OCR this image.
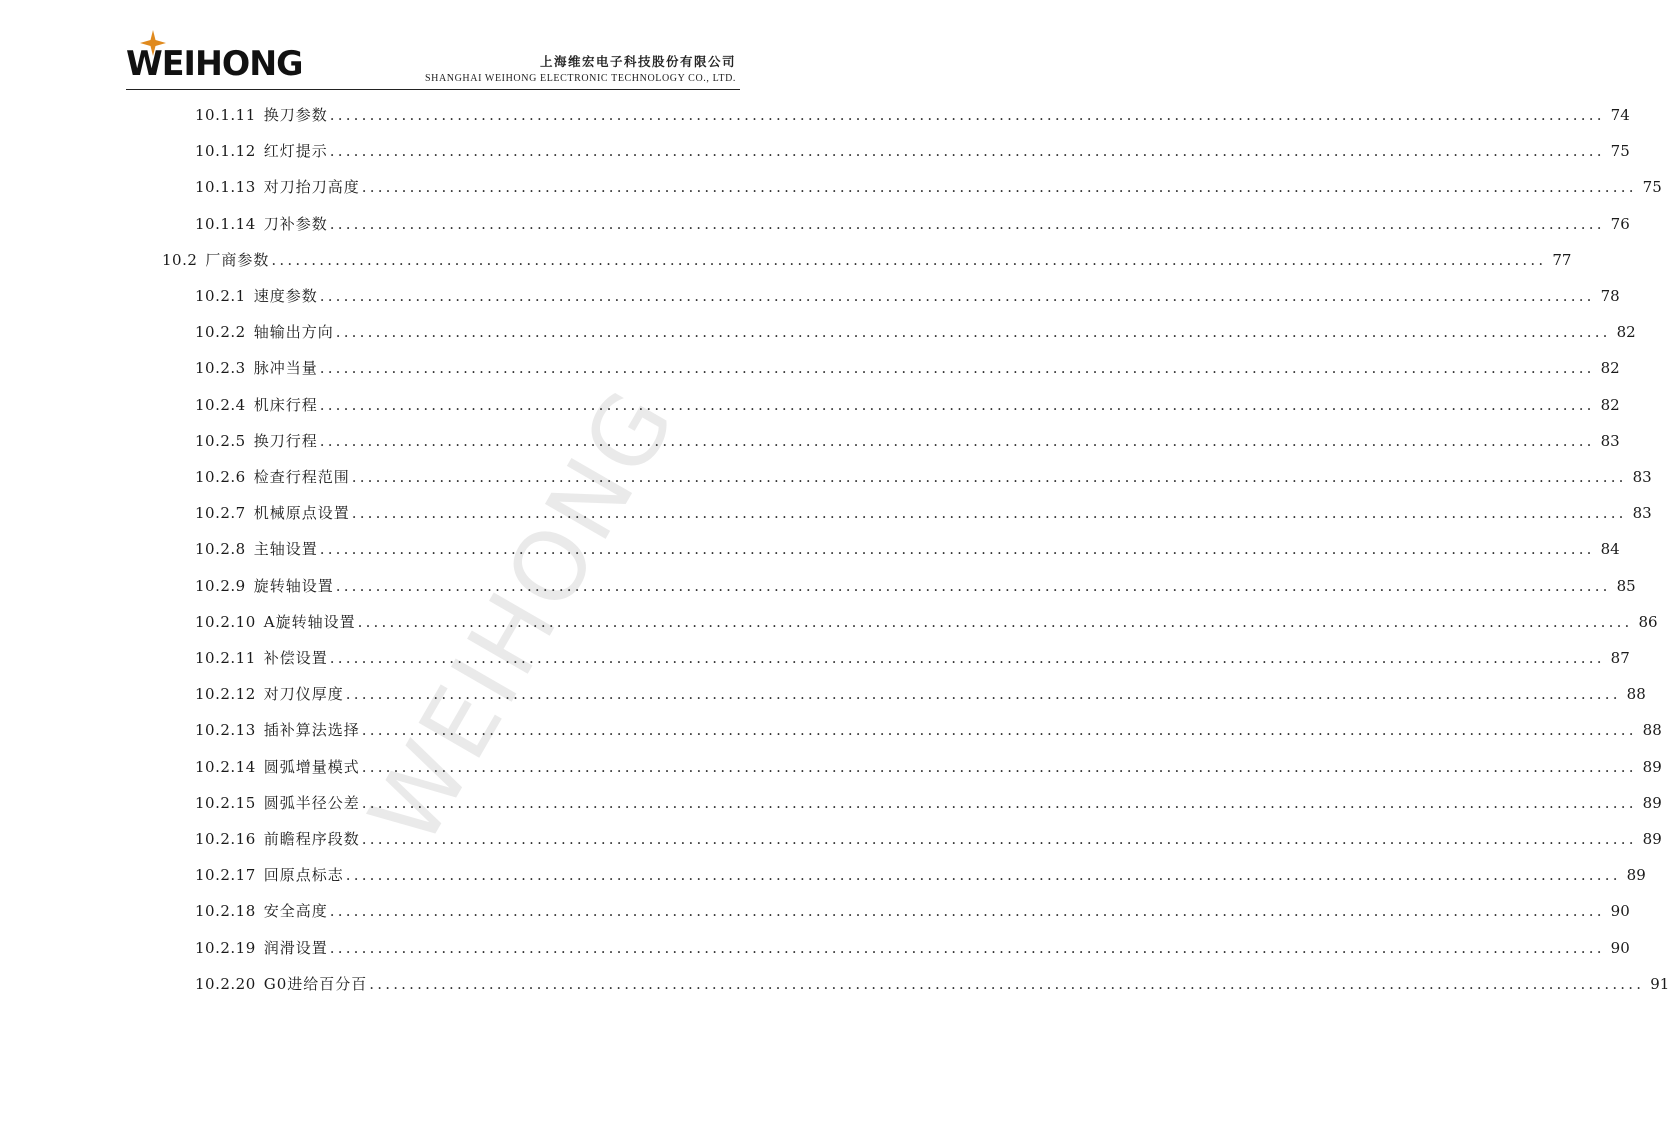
WEIHONG	上海维宏电子科技股份有限公司
SHANGHAI WEIHONG ELECTRONIC TECHNOLOGY CO., LTD.
WEIHONG
10.1.11 换刀参数 ................................................................................................................................................................ 74
10.1.12 红灯提示 ................................................................................................................................................................ 75
10.1.13 对刀抬刀高度 ................................................................................................................................................................ 75
10.1.14 刀补参数 ................................................................................................................................................................ 76
10.2 厂商参数 ................................................................................................................................................................ 77
10.2.1 速度参数 ................................................................................................................................................................ 78
10.2.2 轴输出方向 ................................................................................................................................................................ 82
10.2.3 脉冲当量 ................................................................................................................................................................ 82
10.2.4 机床行程 ................................................................................................................................................................ 82
10.2.5 换刀行程 ................................................................................................................................................................ 83
10.2.6 检查行程范围 ................................................................................................................................................................ 83
10.2.7 机械原点设置 ................................................................................................................................................................ 83
10.2.8 主轴设置 ................................................................................................................................................................ 84
10.2.9 旋转轴设置 ................................................................................................................................................................ 85
10.2.10 A旋转轴设置 ................................................................................................................................................................ 86
10.2.11 补偿设置 ................................................................................................................................................................ 87
10.2.12 对刀仪厚度 ................................................................................................................................................................ 88
10.2.13 插补算法选择 ................................................................................................................................................................ 88
10.2.14 圆弧增量模式 ................................................................................................................................................................ 89
10.2.15 圆弧半径公差 ................................................................................................................................................................ 89
10.2.16 前瞻程序段数 ................................................................................................................................................................ 89
10.2.17 回原点标志 ................................................................................................................................................................ 89
10.2.18 安全高度 ................................................................................................................................................................ 90
10.2.19 润滑设置 ................................................................................................................................................................ 90
10.2.20 G0进给百分百 ................................................................................................................................................................ 91
